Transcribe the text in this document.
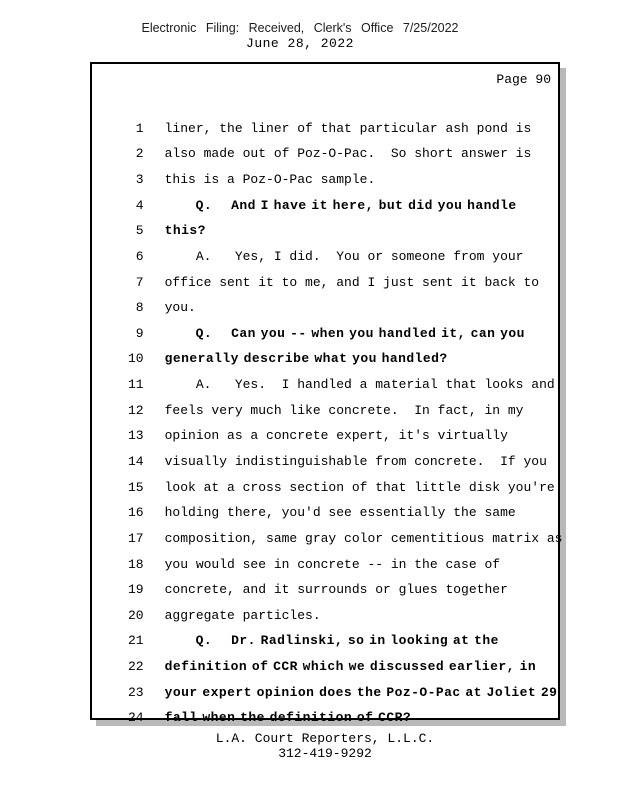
Electronic Filing: Received, Clerk's Office 7/25/2022
June 28, 2022
Page 90

1 liner, the liner of that particular ash pond is

2 also made out of Poz-O-Pac.  So short answer is

3 this is a Poz-O-Pac sample.

4	Q.    And I have it here, but did you handle

5 this?

6    A.   Yes, I did.  You or someone from your

7 office sent it to me, and I just sent it back to

8 you.

9	Q.    Can you -- when you handled it, can you

10 generally describe what you handled?

11    A.   Yes.  I handled a material that looks and

12 feels very much like concrete.  In fact, in my

13 opinion as a concrete expert, it's virtually

14 visually indistinguishable from concrete.  If you

15 look at a cross section of that little disk you're

16 holding there, you'd see essentially the same

17 composition, same gray color cementitious matrix as

18 you would see in concrete -- in the case of

19 concrete, and it surrounds or glues together

20 aggregate particles.

21	Q.    Dr. Radlinski, so in looking at the

22 definition of CCR which we discussed earlier, in

23 your expert opinion does the Poz-O-Pac at Joliet 29

24 fall when the definition of CCR?

L.A. Court Reporters, L.L.C.
312-419-9292
